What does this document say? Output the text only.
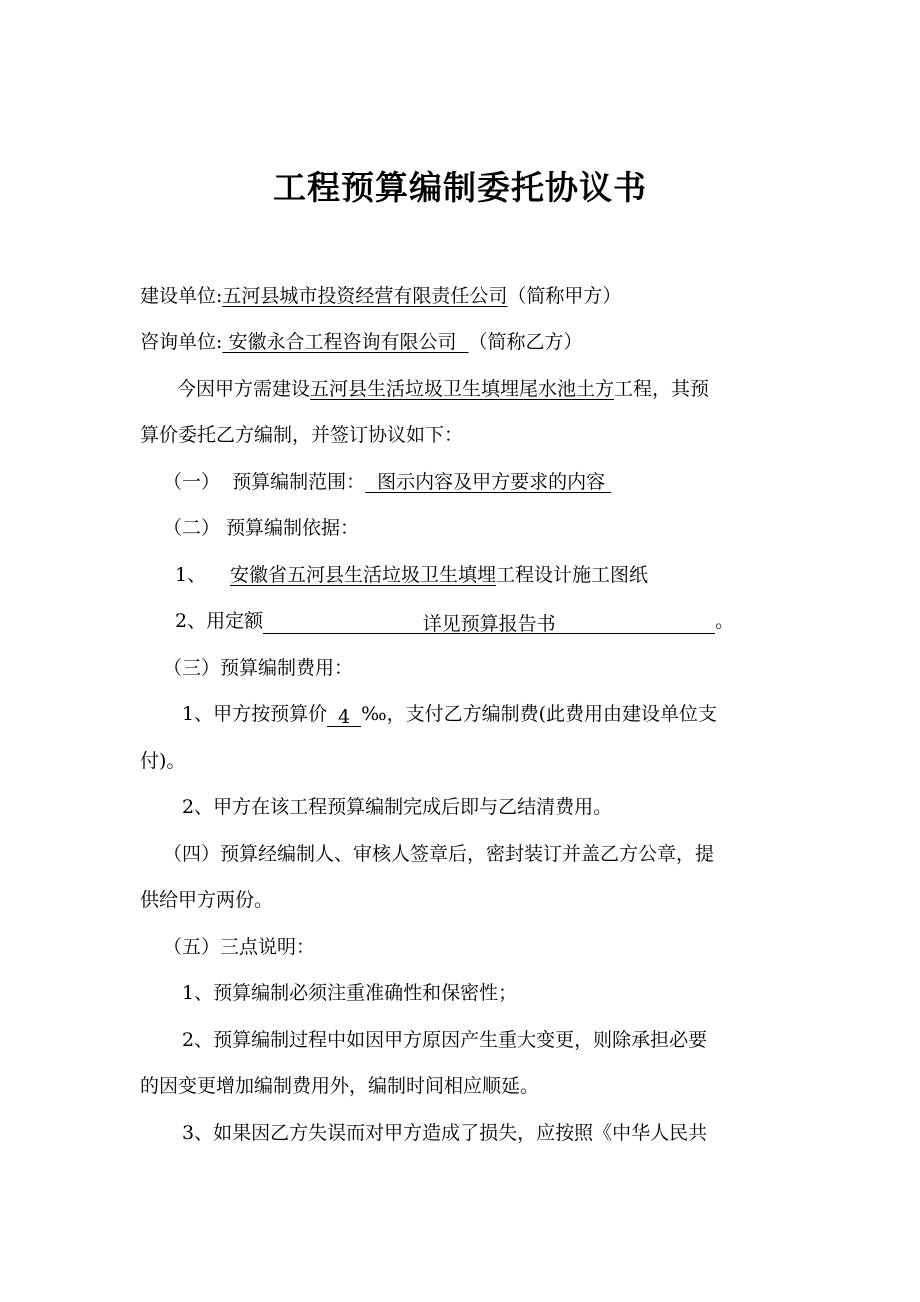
工程预算编制委托协议书
建设单位:五河县城市投资经营有限责任公司（简称甲方）
咨询单位: 安徽永合工程咨询有限公司  （简称乙方）
今因甲方需建设五河县生活垃圾卫生填埋尾水池土方工程，其预
算价委托乙方编制，并签订协议如下：
（一）  预算编制范围：  图示内容及甲方要求的内容
（二） 预算编制依据：
1、 安徽省五河县生活垃圾卫生填埋工程设计施工图纸
2、用定额	详见预算报告书	。
（三）预算编制费用：
1、甲方按预算价 4 ‰，支付乙方编制费(此费用由建设单位支
付)。
2、甲方在该工程预算编制完成后即与乙结清费用。
（四）预算经编制人、审核人签章后，密封装订并盖乙方公章，提
供给甲方两份。
（五）三点说明：
1、预算编制必须注重准确性和保密性；
2、预算编制过程中如因甲方原因产生重大变更，则除承担必要
的因变更增加编制费用外，编制时间相应顺延。
3、如果因乙方失误而对甲方造成了损失，应按照《中华人民共
